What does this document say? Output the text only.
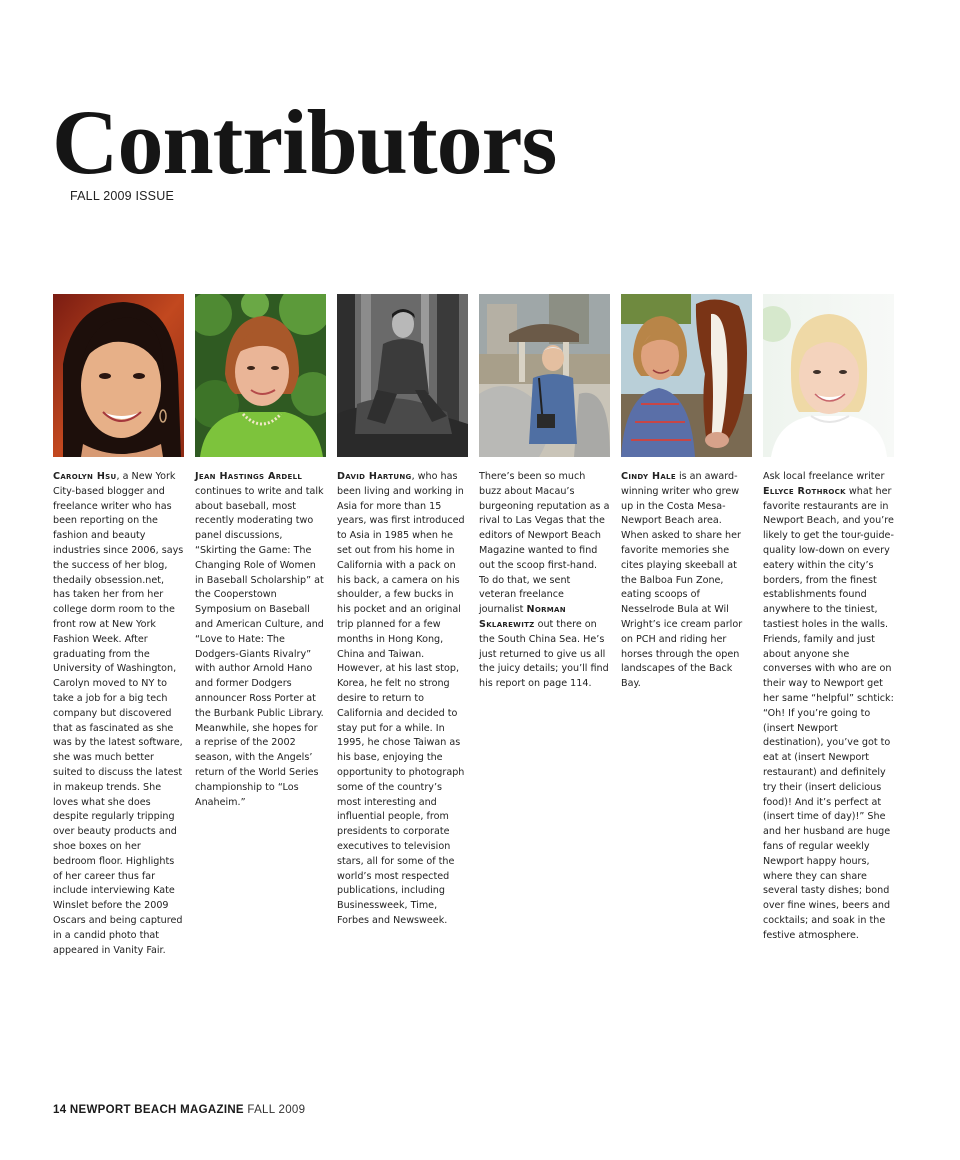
Contributors
FALL 2009 ISSUE
Carolyn Hsu, a New York City-based blogger and freelance writer who has been reporting on the fashion and beauty industries since 2006, says the success of her blog, thedaily obsession.net, has taken her from her college dorm room to the front row at New York Fashion Week. After graduating from the University of Washington, Carolyn moved to NY to take a job for a big tech company but discovered that as fascinated as she was by the latest software, she was much better suited to discuss the latest in makeup trends. She loves what she does despite regularly tripping over beauty products and shoe boxes on her bedroom floor. Highlights of her career thus far include interviewing Kate Winslet before the 2009 Oscars and being captured in a candid photo that appeared in Vanity Fair.
Jean Hastings Ardell continues to write and talk about baseball, most recently moderating two panel discussions, “Skirting the Game: The Changing Role of Women in Baseball Scholarship” at the Cooperstown Symposium on Baseball and American Culture, and “Love to Hate: The Dodgers-Giants Rivalry” with author Arnold Hano and former Dodgers announcer Ross Porter at the Burbank Public Library. Meanwhile, she hopes for a reprise of the 2002 season, with the Angels’ return of the World Series championship to “Los Anaheim.”
David Hartung, who has been living and working in Asia for more than 15 years, was first introduced to Asia in 1985 when he set out from his home in California with a pack on his back, a camera on his shoulder, a few bucks in his pocket and an original trip planned for a few months in Hong Kong, China and Taiwan. However, at his last stop, Korea, he felt no strong desire to return to California and decided to stay put for a while. In 1995, he chose Taiwan as his base, enjoying the opportunity to photograph some of the country’s most interesting and influential people, from presidents to corporate executives to television stars, all for some of the world’s most respected publications, including Businessweek, Time, Forbes and Newsweek.
There’s been so much buzz about Macau’s burgeoning reputation as a rival to Las Vegas that the editors of Newport Beach Magazine wanted to find out the scoop first-hand. To do that, we sent veteran freelance journalist Norman Sklarewitz out there on the South China Sea. He’s just returned to give us all the juicy details; you’ll find his report on page 114.
Cindy Hale is an award-winning writer who grew up in the Costa Mesa-Newport Beach area. When asked to share her favorite memories she cites playing skeeball at the Balboa Fun Zone, eating scoops of Nesselrode Bula at Wil Wright’s ice cream parlor on PCH and riding her horses through the open landscapes of the Back Bay.
Ask local freelance writer Ellyce Rothrock what her favorite restaurants are in Newport Beach, and you’re likely to get the tour-guide-quality low-down on every eatery within the city’s borders, from the finest establishments found anywhere to the tiniest, tastiest holes in the walls. Friends, family and just about anyone she converses with who are on their way to Newport get her same “helpful” schtick: “Oh! If you’re going to (insert Newport destination), you’ve got to eat at (insert Newport restaurant) and definitely try their (insert delicious food)! And it’s perfect at (insert time of day)!” She and her husband are huge fans of regular weekly Newport happy hours, where they can share several tasty dishes; bond over fine wines, beers and cocktails; and soak in the festive atmosphere.
14 NEWPORT BEACH MAGAZINE FALL 2009
